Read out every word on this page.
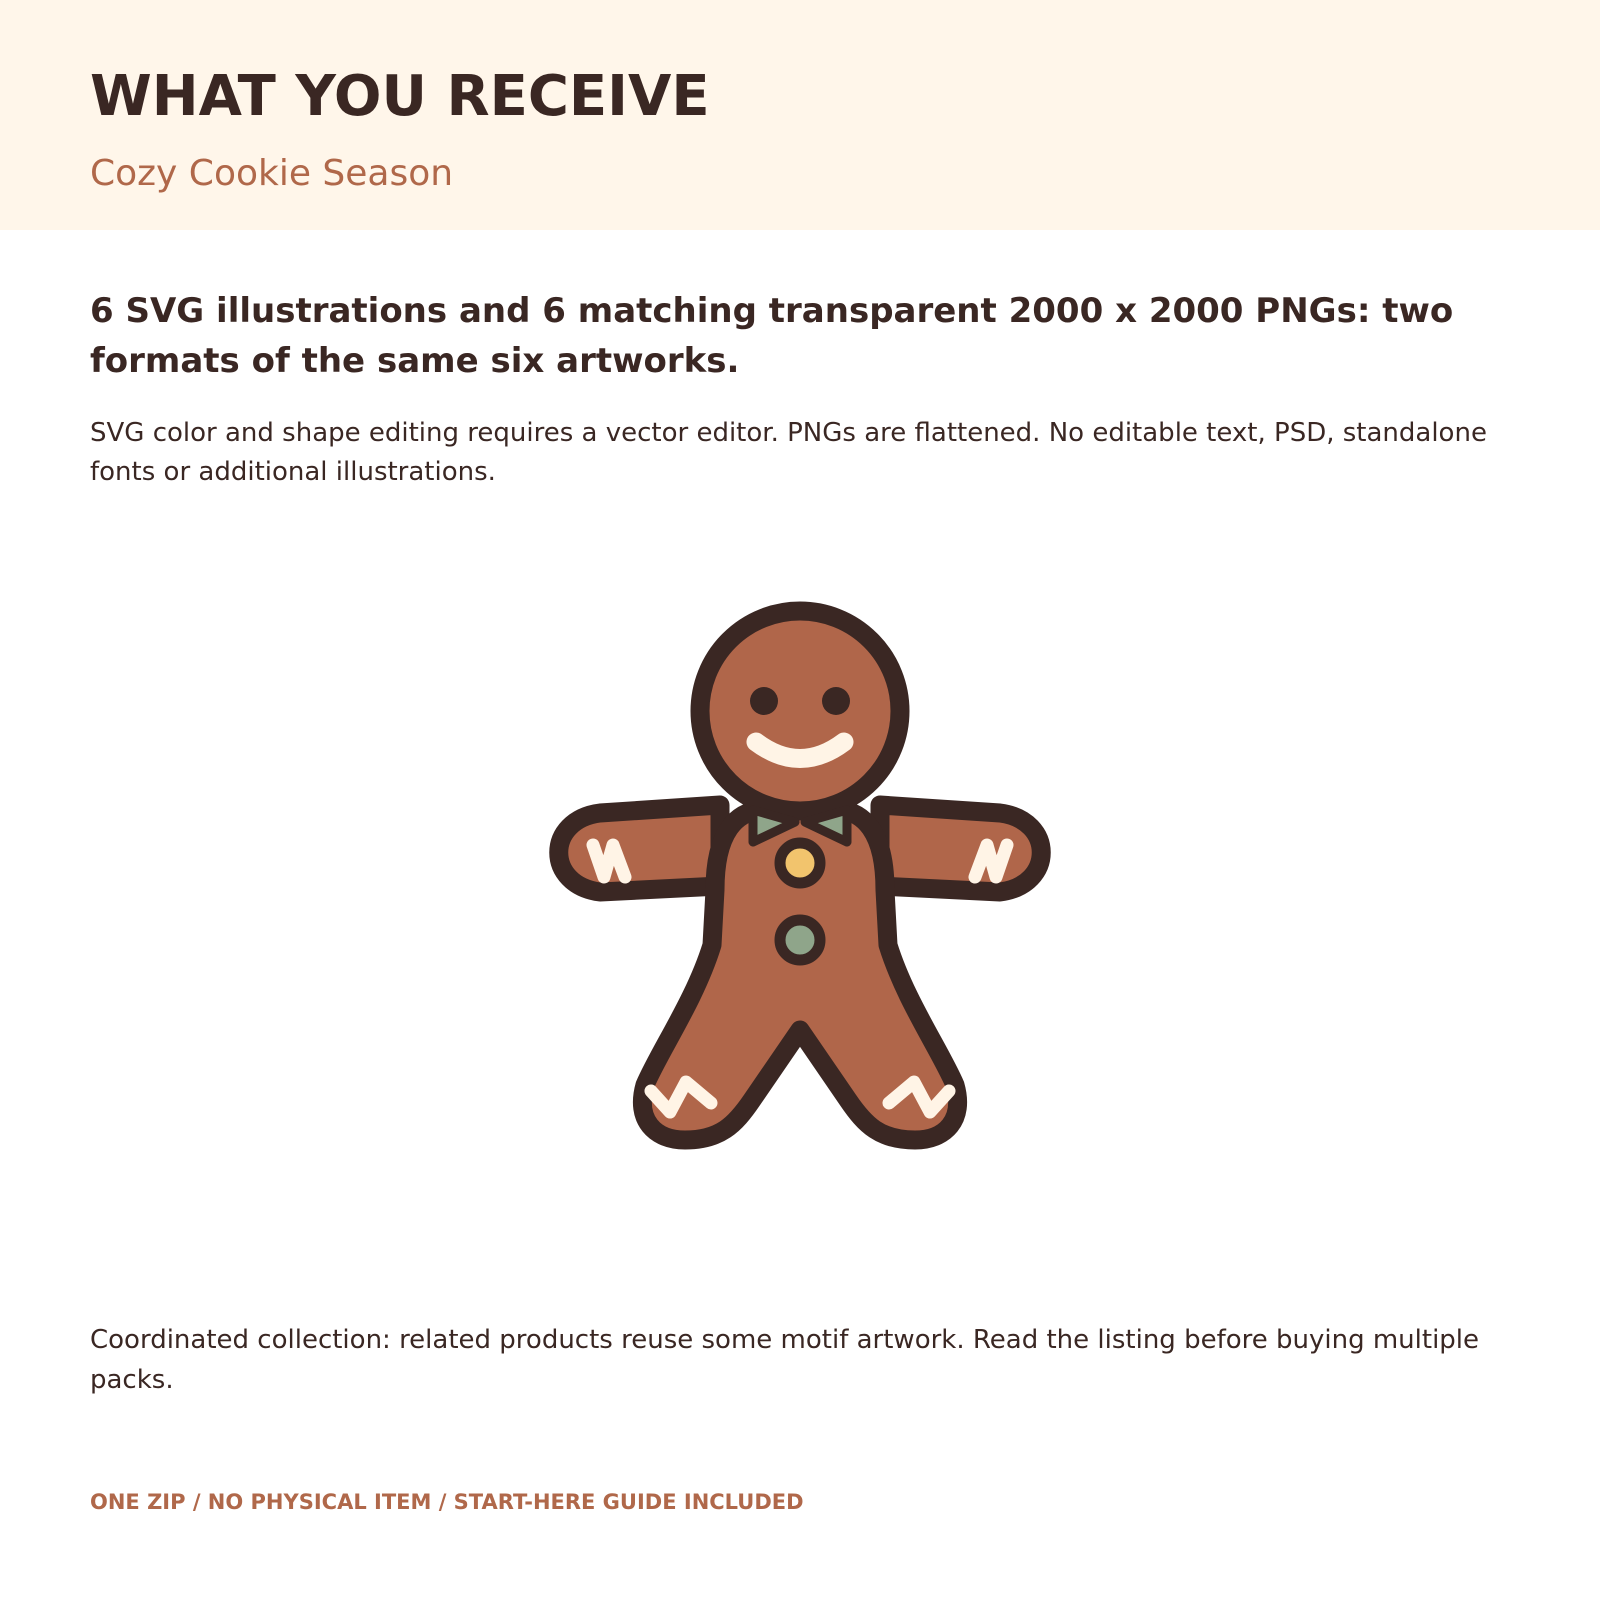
WHAT YOU RECEIVE

Cozy Cookie Season

6 SVG illustrations and 6 matching transparent 2000 x 2000 PNGs: two formats of the same six artworks.

SVG color and shape editing requires a vector editor. PNGs are flattened. No editable text, PSD, standalone fonts or additional illustrations.

Coordinated collection: related products reuse some motif artwork. Read the listing before buying multiple packs.

ONE ZIP / NO PHYSICAL ITEM / START-HERE GUIDE INCLUDED
